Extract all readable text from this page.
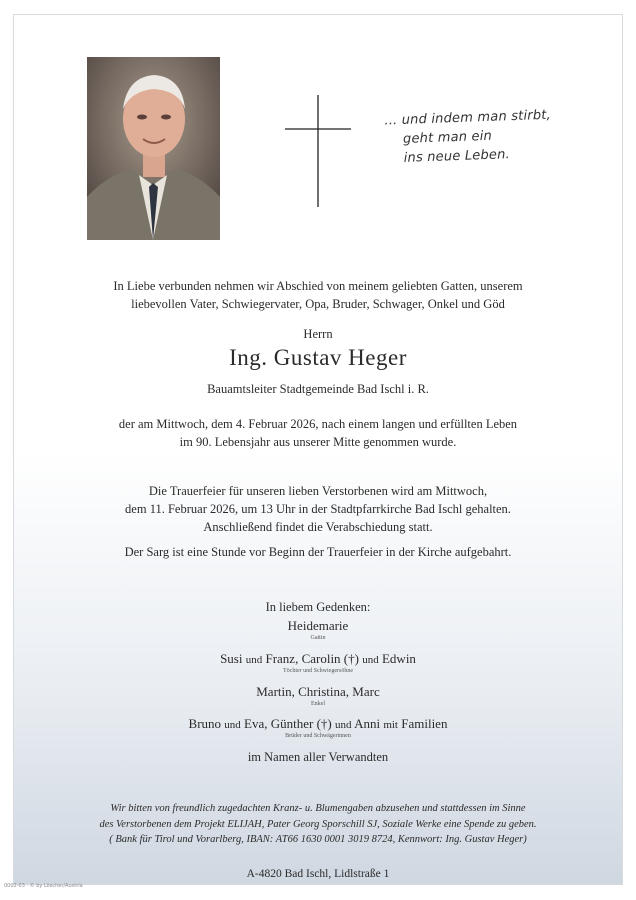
... und indem man stirbt,
geht man ein
ins neue Leben.
In Liebe verbunden nehmen wir Abschied von meinem geliebten Gatten, unserem
liebevollen Vater, Schwiegervater, Opa, Bruder, Schwager, Onkel und Göd
Herrn
Ing. Gustav Heger
Bauamtsleiter Stadtgemeinde Bad Ischl i. R.
der am Mittwoch, dem 4. Februar 2026, nach einem langen und erfüllten Leben
im 90. Lebensjahr aus unserer Mitte genommen wurde.
Die Trauerfeier für unseren lieben Verstorbenen wird am Mittwoch,
dem 11. Februar 2026, um 13 Uhr in der Stadtpfarrkirche Bad Ischl gehalten.
Anschließend findet die Verabschiedung statt.
Der Sarg ist eine Stunde vor Beginn der Trauerfeier in der Kirche aufgebahrt.
In liebem Gedenken:
Heidemarie
Gattin
Susi und Franz, Carolin (†) und Edwin
Töchter und Schwiegersöhne
Martin, Christina, Marc
Enkel
Bruno und Eva, Günther (†) und Anni mit Familien
Brüder und Schwägerinnen
im Namen aller Verwandten
Wir bitten von freundlich zugedachten Kranz- u. Blumengaben abzusehen und stattdessen im Sinne
des Verstorbenen dem Projekt ELIJAH, Pater Georg Sporschill SJ, Soziale Werke eine Spende zu geben.
( Bank für Tirol und Vorarlberg, IBAN: AT66 1630 0001 3019 8724, Kennwort: Ing. Gustav Heger)
A-4820 Bad Ischl, Lidlstraße 1
0002-03 · © by Löscher/Austria
